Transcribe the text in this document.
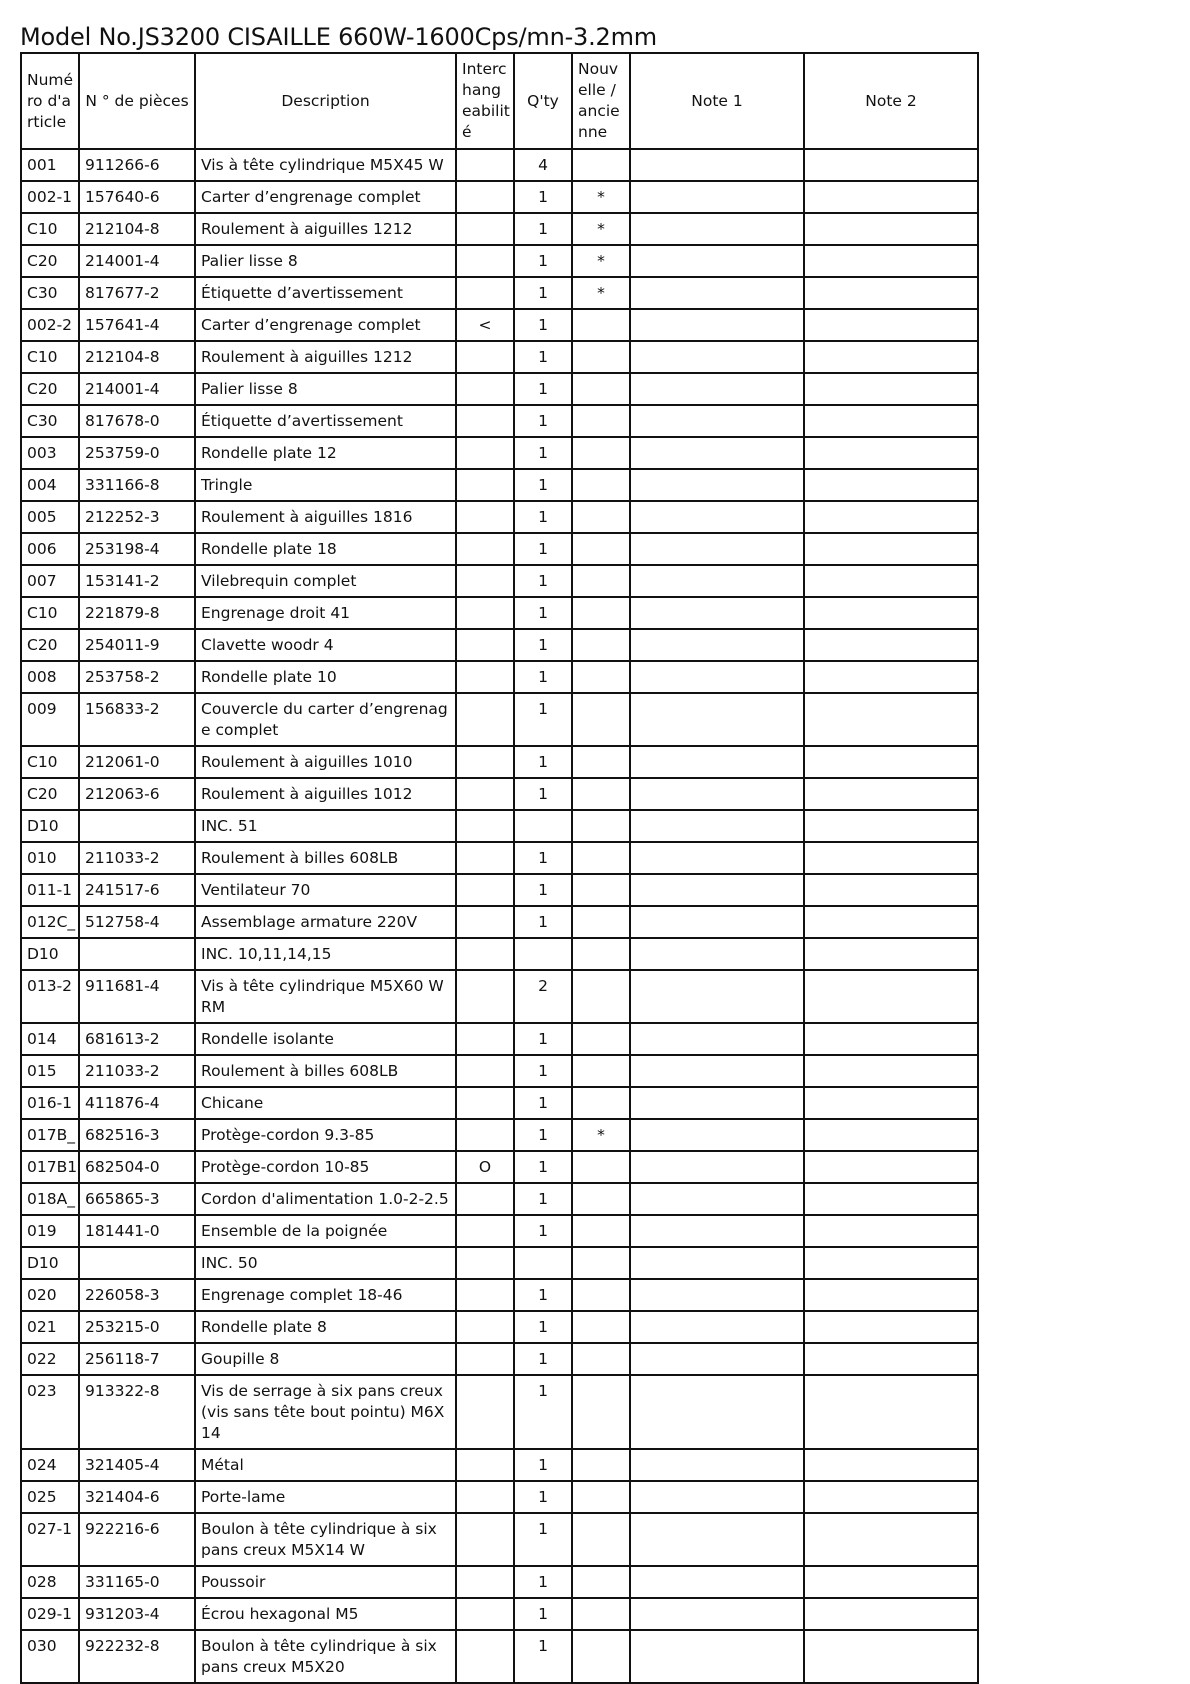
Model No.JS3200 CISAILLE 660W-1600Cps/mn-3.2mm
Numé
ro d'a
rticle	N ° de pièces	Description	Interc
hang
eabilit
é	Q'ty	Nouv
elle /
ancie
nne	Note 1	Note 2
001	911266-6	Vis à tête cylindrique M5X45 W		4			
002-1	157640-6	Carter d’engrenage complet		1	*		
C10	212104-8	Roulement à aiguilles 1212		1	*		
C20	214001-4	Palier lisse 8		1	*		
C30	817677-2	Étiquette d’avertissement		1	*		
002-2	157641-4	Carter d’engrenage complet	<	1			
C10	212104-8	Roulement à aiguilles 1212		1			
C20	214001-4	Palier lisse 8		1			
C30	817678-0	Étiquette d’avertissement		1			
003	253759-0	Rondelle plate 12		1			
004	331166-8	Tringle		1			
005	212252-3	Roulement à aiguilles 1816		1			
006	253198-4	Rondelle plate 18		1			
007	153141-2	Vilebrequin complet		1			
C10	221879-8	Engrenage droit 41		1			
C20	254011-9	Clavette woodr 4		1			
008	253758-2	Rondelle plate 10		1			
009	156833-2	Couvercle du carter d’engrenage complet		1			
C10	212061-0	Roulement à aiguilles 1010		1			
C20	212063-6	Roulement à aiguilles 1012		1			
D10		INC. 51					
010	211033-2	Roulement à billes 608LB		1			
011-1	241517-6	Ventilateur 70		1			
012C_	512758-4	Assemblage armature 220V		1			
D10		INC. 10,11,14,15					
013-2	911681-4	Vis à tête cylindrique M5X60 WRM		2			
014	681613-2	Rondelle isolante		1			
015	211033-2	Roulement à billes 608LB		1			
016-1	411876-4	Chicane		1			
017B_	682516-3	Protège-cordon 9.3-85		1	*		
017B1	682504-0	Protège-cordon 10-85	O	1			
018A_	665865-3	Cordon d'alimentation 1.0-2-2.5		1			
019	181441-0	Ensemble de la poignée		1			
D10		INC. 50					
020	226058-3	Engrenage complet 18-46		1			
021	253215-0	Rondelle plate 8		1			
022	256118-7	Goupille 8		1			
023	913322-8	Vis de serrage à six pans creux (vis sans tête bout pointu) M6X14		1			
024	321405-4	Métal		1			
025	321404-6	Porte-lame		1			
027-1	922216-6	Boulon à tête cylindrique à six pans creux M5X14 W		1			
028	331165-0	Poussoir		1			
029-1	931203-4	Écrou hexagonal M5		1			
030	922232-8	Boulon à tête cylindrique à six pans creux M5X20		1			
